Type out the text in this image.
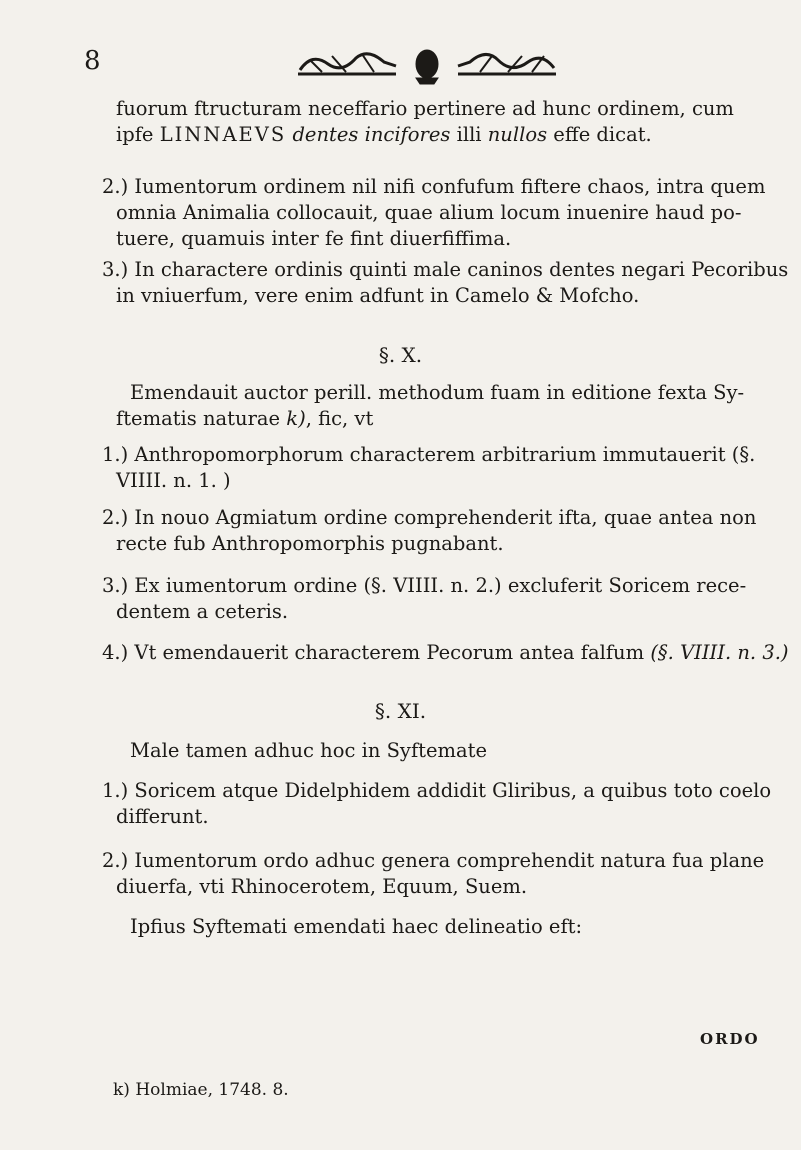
8
fuorum ftructuram neceffario pertinere ad hunc ordinem, cum
ipfe LINNAEVS dentes incifores illi nullos effe dicat.
2.) Iumentorum ordinem nil nifi confufum fiftere chaos, intra quem
omnia Animalia collocauit, quae alium locum inuenire haud po-
tuere, quamuis inter fe fint diuerfiffima.
3.) In charactere ordinis quinti male caninos dentes negari Pecoribus
in vniuerfum, vere enim adfunt in Camelo & Mofcho.
§. X.
Emendauit auctor perill. methodum fuam in editione fexta Sy-
ftematis naturae k), fic, vt
1.) Anthropomorphorum characterem arbitrarium immutauerit (§.
VIIII. n. 1. )
2.) In nouo Agmiatum ordine comprehenderit ifta, quae antea non
recte fub Anthropomorphis pugnabant.
3.) Ex iumentorum ordine (§. VIIII. n. 2.) excluferit Soricem rece-
dentem a ceteris.
4.) Vt emendauerit characterem Pecorum antea falfum (§. VIIII. n. 3.)
§. XI.
Male tamen adhuc hoc in Syftemate
1.) Soricem atque Didelphidem addidit Gliribus, a quibus toto coelo
differunt.
2.) Iumentorum ordo adhuc genera comprehendit natura fua plane
diuerfa, vti Rhinocerotem, Equum, Suem.
Ipfius Syftemati emendati haec delineatio eft:
ORDO
k) Holmiae, 1748. 8.
